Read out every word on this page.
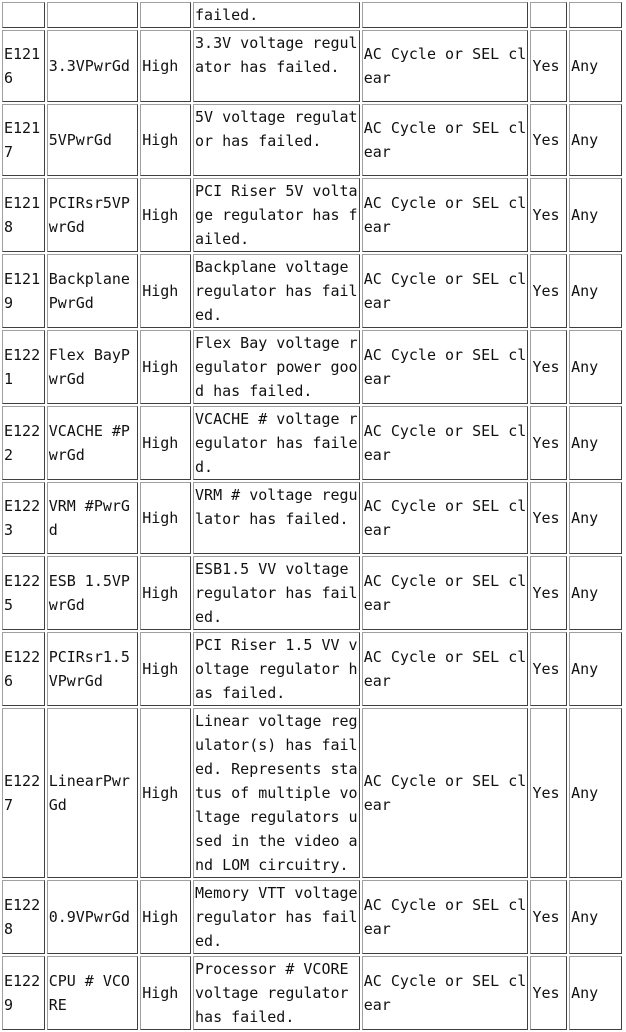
			failed.			
E1216	3.3VPwrGd	High	3.3V voltage regulator has failed.	AC Cycle or SEL clear	Yes	Any
E1217	5VPwrGd	High	5V voltage regulator has failed.	AC Cycle or SEL clear	Yes	Any
E1218	PCIRsr5VPwrGd	High	PCI Riser 5V voltage regulator has failed.	AC Cycle or SEL clear	Yes	Any
E1219	BackplanePwrGd	High	Backplane voltage regulator has failed.	AC Cycle or SEL clear	Yes	Any
E1221	Flex BayPwrGd	High	Flex Bay voltage regulator power good has failed.	AC Cycle or SEL clear	Yes	Any
E1222	VCACHE #PwrGd	High	VCACHE # voltage regulator has failed.	AC Cycle or SEL clear	Yes	Any
E1223	VRM #PwrGd	High	VRM # voltage regulator has failed.	AC Cycle or SEL clear	Yes	Any
E1225	ESB 1.5VPwrGd	High	ESB1.5 VV voltage regulator has failed.	AC Cycle or SEL clear	Yes	Any
E1226	PCIRsr1.5VPwrGd	High	PCI Riser 1.5 VV voltage regulator has failed.	AC Cycle or SEL clear	Yes	Any
E1227	LinearPwrGd	High	Linear voltage regulator(s) has failed. Represents status of multiple voltage regulators used in the video and LOM circuitry.	AC Cycle or SEL clear	Yes	Any
E1228	0.9VPwrGd	High	Memory VTT voltage regulator has failed.	AC Cycle or SEL clear	Yes	Any
E1229	CPU # VCORE	High	Processor # VCORE voltage regulator has failed.	AC Cycle or SEL clear	Yes	Any
